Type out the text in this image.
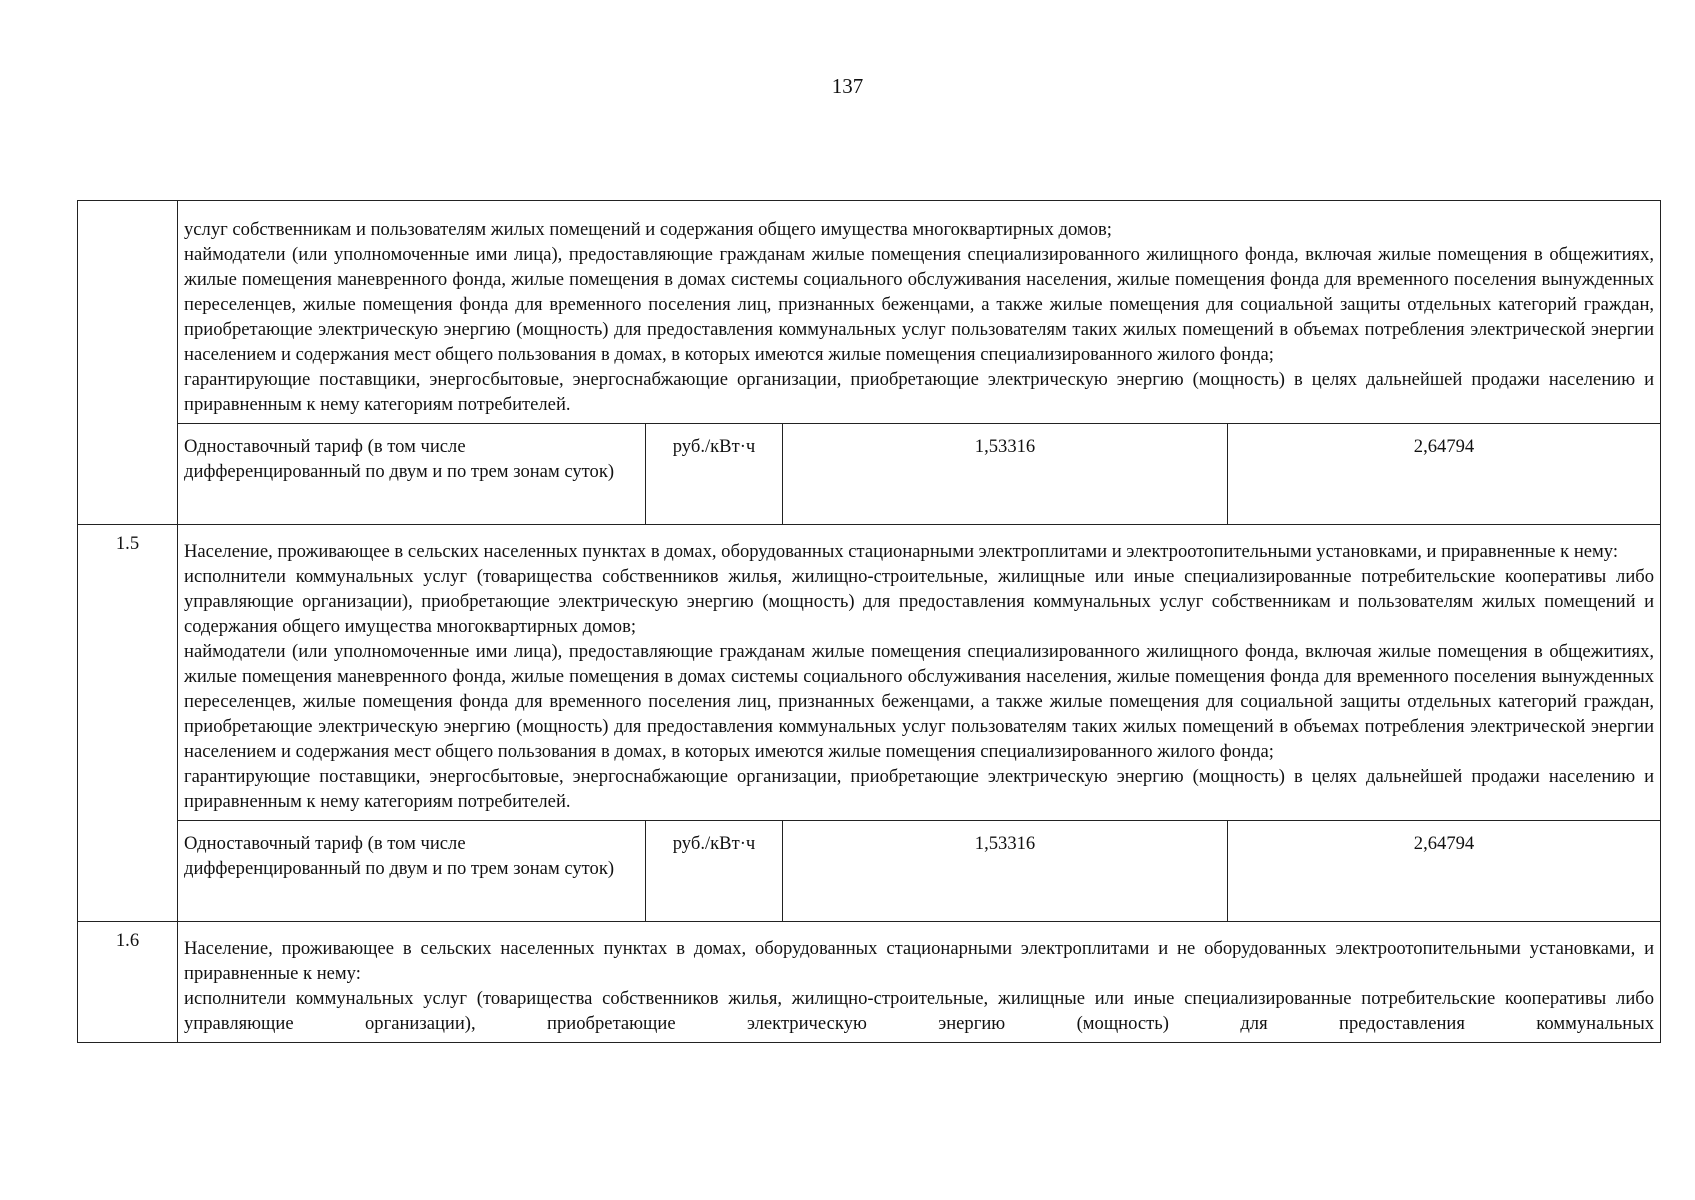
137

	услуг собственникам и пользователям жилых помещений и содержания общего имущества многоквартирных домов;
наймодатели (или уполномоченные ими лица), предоставляющие гражданам жилые помещения специализированного жилищного фонда, включая жилые помещения в общежитиях, жилые помещения маневренного фонда, жилые помещения в домах системы социального обслуживания населения, жилые помещения фонда для временного поселения вынужденных переселенцев, жилые помещения фонда для временного поселения лиц, признанных беженцами, а также жилые помещения для социальной защиты отдельных категорий граждан, приобретающие электрическую энергию (мощность) для предоставления коммунальных услуг пользователям таких жилых помещений в объемах потребления электрической энергии населением и содержания мест общего пользования в домах, в которых имеются жилые помещения специализированного жилого фонда;
гарантирующие поставщики, энергосбытовые, энергоснабжающие организации, приобретающие электрическую энергию (мощность) в целях дальнейшей продажи населению и приравненным к нему категориям потребителей.			

	Одноставочный тариф (в том числе дифференцированный по двум и по трем зонам суток)	руб./кВт·ч	1,53316	2,64794
1.5	Население, проживающее в сельских населенных пунктах в домах, оборудованных стационарными электроплитами и электроотопительными установками, и приравненные к нему:
исполнители коммунальных услуг (товарищества собственников жилья, жилищно-строительные, жилищные или иные специализированные потребительские кооперативы либо управляющие организации), приобретающие электрическую энергию (мощность) для предоставления коммунальных услуг собственникам и пользователям жилых помещений и содержания общего имущества многоквартирных домов;
наймодатели (или уполномоченные ими лица), предоставляющие гражданам жилые помещения специализированного жилищного фонда, включая жилые помещения в общежитиях, жилые помещения маневренного фонда, жилые помещения в домах системы социального обслуживания населения, жилые помещения фонда для временного поселения вынужденных переселенцев, жилые помещения фонда для временного поселения лиц, признанных беженцами, а также жилые помещения для социальной защиты отдельных категорий граждан, приобретающие электрическую энергию (мощность) для предоставления коммунальных услуг пользователям таких жилых помещений в объемах потребления электрической энергии населением и содержания мест общего пользования в домах, в которых имеются жилые помещения специализированного жилого фонда;
гарантирующие поставщики, энергосбытовые, энергоснабжающие организации, приобретающие электрическую энергию (мощность) в целях дальнейшей продажи населению и приравненным к нему категориям потребителей.			

	Одноставочный тариф (в том числе дифференцированный по двум и по трем зонам суток)	руб./кВт·ч	1,53316	2,64794
1.6	Население, проживающее в сельских населенных пунктах в домах, оборудованных стационарными электроплитами и не оборудованных электроотопительными установками, и приравненные к нему:
исполнители коммунальных услуг (товарищества собственников жилья, жилищно-строительные, жилищные или иные специализированные потребительские кооперативы либо управляющие организации), приобретающие электрическую энергию (мощность) для предоставления коммунальных			
